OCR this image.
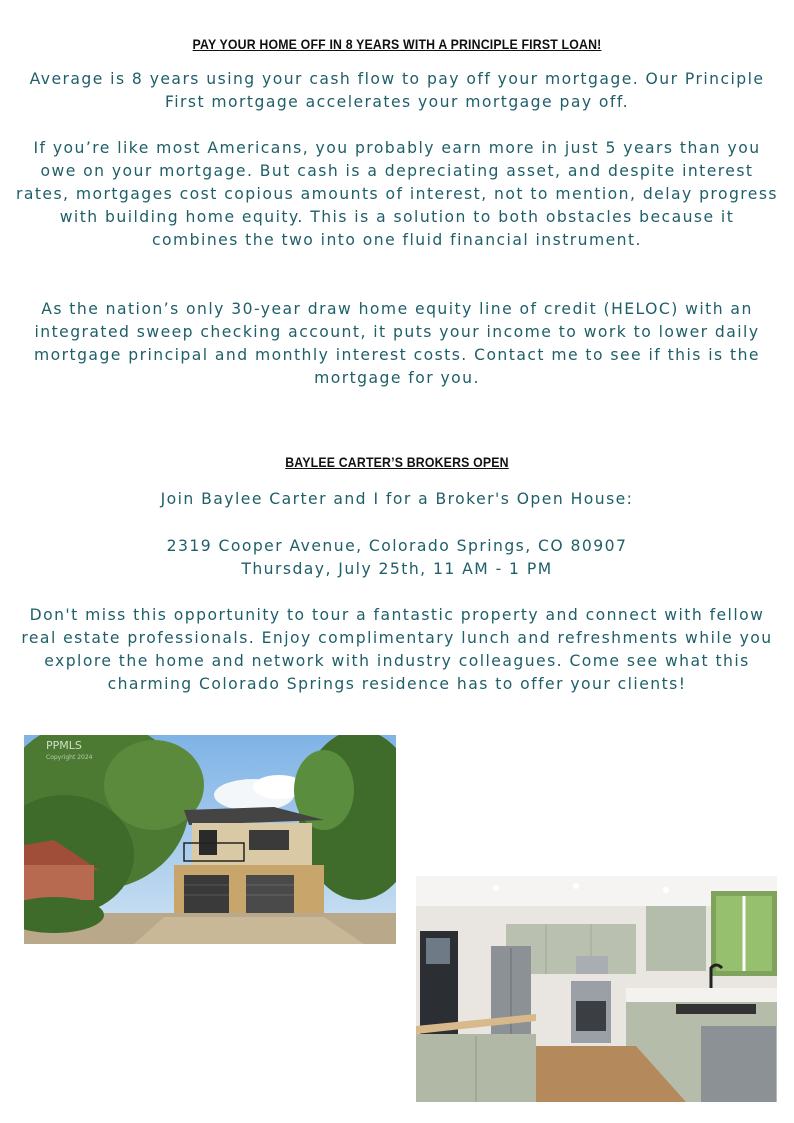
PAY YOUR HOME OFF IN 8 YEARS WITH A PRINCIPLE FIRST LOAN!

Average is 8 years using your cash flow to pay off your mortgage. Our Principle First mortgage accelerates your mortgage pay off.

If you’re like most Americans, you probably earn more in just 5 years than you owe on your mortgage. But cash is a depreciating asset, and despite interest rates, mortgages cost copious amounts of interest, not to mention, delay progress with building home equity. This is a solution to both obstacles because it combines the two into one fluid financial instrument.

As the nation’s only 30-year draw home equity line of credit (HELOC) with an integrated sweep checking account, it puts your income to work to lower daily mortgage principal and monthly interest costs. Contact me to see if this is the mortgage for you.

BAYLEE CARTER’S BROKERS OPEN

Join Baylee Carter and I for a Broker's Open House:

2319 Cooper Avenue, Colorado Springs, CO 80907

Thursday, July 25th, 11 AM - 1 PM

Don't miss this opportunity to tour a fantastic property and connect with fellow real estate professionals. Enjoy complimentary lunch and refreshments while you explore the home and network with industry colleagues. Come see what this charming Colorado Springs residence has to offer your clients!

PPMLS
Copyright 2024
